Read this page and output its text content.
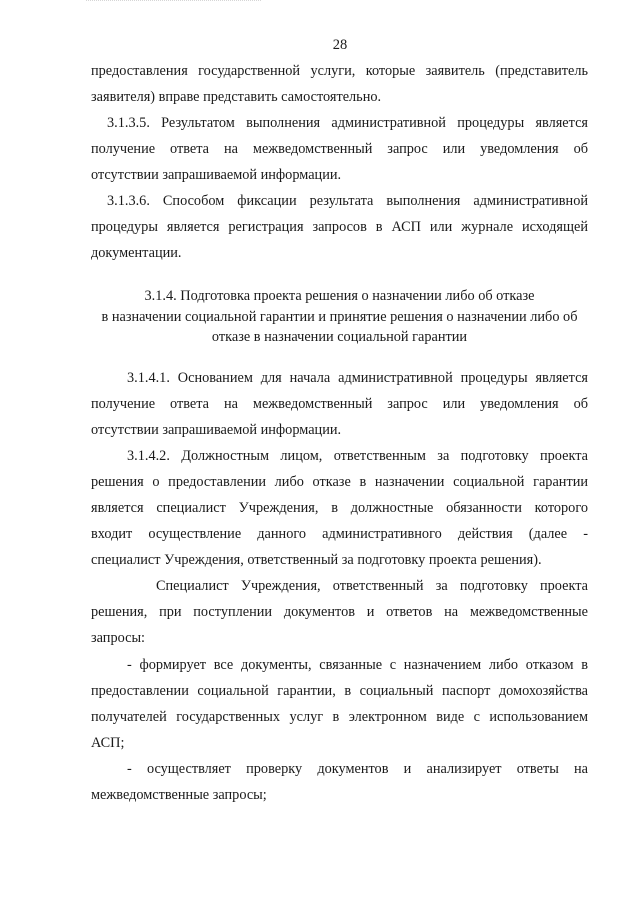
28
предоставления государственной услуги, которые заявитель (представитель
заявителя) вправе представить самостоятельно.
3.1.3.5. Результатом выполнения административной процедуры является
получение ответа на межведомственный запрос или уведомления об
отсутствии запрашиваемой информации.
3.1.3.6. Способом фиксации результата выполнения административной
процедуры является регистрация запросов в АСП или журнале исходящей
документации.
3.1.4. Подготовка проекта решения о назначении либо об отказе
в назначении социальной гарантии и принятие решения о назначении либо об
отказе в назначении социальной гарантии
3.1.4.1. Основанием для начала административной процедуры является
получение ответа на межведомственный запрос или уведомления об
отсутствии запрашиваемой информации.
3.1.4.2. Должностным лицом, ответственным за подготовку проекта
решения о предоставлении либо отказе в назначении социальной гарантии
является специалист Учреждения, в должностные обязанности которого
входит осуществление данного административного действия (далее -
специалист Учреждения, ответственный за подготовку проекта решения).
Специалист Учреждения, ответственный за подготовку проекта
решения, при поступлении документов и ответов на межведомственные
запросы:
- формирует все документы, связанные с назначением либо отказом в
предоставлении социальной гарантии, в социальный паспорт домохозяйства
получателей государственных услуг в электронном виде с использованием
АСП;
- осуществляет проверку документов и анализирует ответы на
межведомственные запросы;
